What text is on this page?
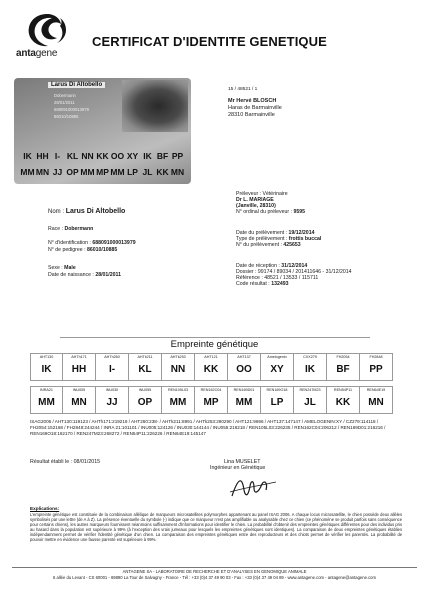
antagene
CERTIFICAT D'IDENTITE GENETIQUE
Larus Di Altobello
Dobermann
28/01/2011
688091000013979
86010/10885
IK HH I- KL NN KK OO XY IK BF PP
MM MN JJ OP MM MP MM LP JL KK MN
15 / 48521 / 1
Mr Hervé BLOSCH
Haras de Barmainville
28310 Barmainville
Préleveur : Vétérinaire
Dr L. MARIAGE
(Janville, 28310)
N° ordinal du préleveur : 9595
Date du prélèvement : 19/12/2014
Type de prélèvement : frottis buccal
N° du prélèvement : 425653
Date de réception : 31/12/2014
Dossier : 99174 / 89034 / 201411646 - 31/12/2014
Référence : 48521 / 13533 / 115711
Code résultat : 132493
Nom : Larus Di Altobello
Race : Dobermann
N° d'identification : 688091000013979
N° de pedigree : 86010/10885
Sexe : Male
Date de naissance : 28/01/2011
Empreinte génétique
AHT130
IK
AHTh171
HH
AHTh260
I-
AHTk211
KL
AHTk253
NN
AHT121
KK
AHT137
OO
Amelogenin
XY
CXX279
IK
FH2054
BF
FH2848
PP
INRA21
MM
INU005
MN
INU030
JJ
INU055
OP
REN105L03
MM
REN162C04
MP
REN169D01
MM
REN169O18
LP
REN247M23
JL
REN54P11
KK
REN64E19
MN
ISAG2006 / AHT130:119123 / AHTh171:219219 / AHT260:238- / AHTk211:8991 / AHTk253:290290 / AHT121:9696 / AHT137:147147 / AMELOGENIN:XY / CZ279:114118 / FH2054:152168 / FH2848:244244 / INRA 21:101101 / INU005:124126 / INU030:144144 / INU055:216218 / REN105L03:226235 / REN162C04:206212 / REN169D01:216216 / REN169O18:162170 / REN247M23:268272 / REN54P11:226226 / REN64E19:145147
Résultat établi le : 08/01/2015	Lina MUSELET
Ingénieur en Génétique
Explications:
L'empreinte génétique est constituée de la combinaison allélique de marqueurs microsatellites polymorphes appartenant au panel ISAG 2006. A chaque locus microsatellite, le chien possède deux allèles symbolisés par une lettre (de A à Z). La présence éventuelle du symbole (-) indique que ce marqueur n'est pas amplifiable ou analysable chez ce chien (ce phénomène se produit parfois sans conséquence pour certains chiens), les autres marqueurs fournissent néanmoins suffisamment d'informations pour identifier le chien. La probabilité d'obtenir des empreintes génétiques différentes pour des individus pris au hasard dans la population est supérieure à 99% (à l'exception des vrais jumeaux pour lesquels les empreintes génétiques sont identiques). La comparaison de deux empreintes génétiques établies indépendamment permet de vérifier l'identité génétique d'un chien. La comparaison des empreintes génétiques entre des reproducteurs et des chiots permet de vérifier les parentés. La probabilité de pouvoir mettre en évidence une fausse parenté est supérieure à 99%.
ANTAGENE SA - LABORATOIRE DE RECHERCHE ET D'ANALYSES EN GENOMIQUE ANIMALE
6 allée du Levant - CS 60001 - 69890 La Tour de Salvagny - France - Tél : +33 (0)4 37 49 90 03 - Fax : +33 (0)4 37 49 04 89 - www.antagene.com - antagene@antagene.com
